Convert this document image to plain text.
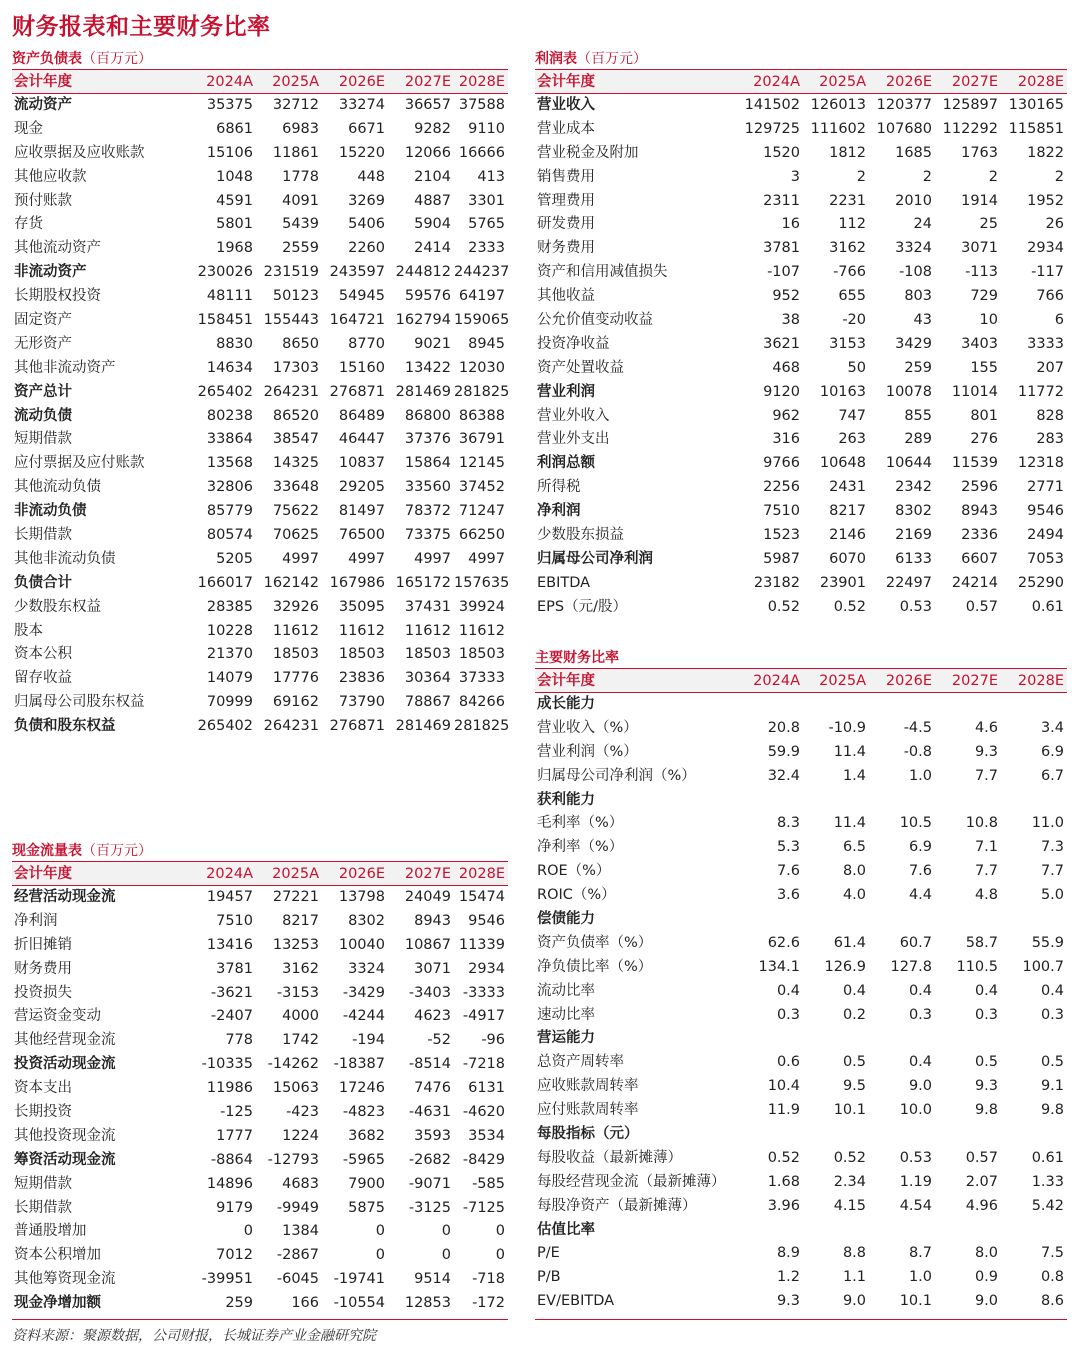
财务报表和主要财务比率
资产负债表（百万元）
会计年度	2024A	2025A	2026E	2027E 2028E
流动资产	35375	32712	33274	36657 37588
现金	6861	6983	6671	9282	9110
应收票据及应收账款	15106	11861	15220	12066 16666
其他应收款	1048	1778	448	2104	413
预付账款	4591	4091	3269	4887	3301
存货	5801	5439	5406	5904	5765
其他流动资产	1968	2559	2260	2414	2333
非流动资产	230026 231519 243597 244812 244237
长期股权投资	48111	50123	54945	59576 64197
固定资产	158451 155443 164721 162794 159065
无形资产	8830	8650	8770	9021	8945
其他非流动资产	14634	17303	15160	13422 12030
资产总计	265402 264231 276871 281469 281825
流动负债	80238	86520	86489	86800 86388
短期借款	33864	38547	46447	37376 36791
应付票据及应付账款	13568	14325	10837	15864 12145
其他流动负债	32806	33648	29205	33560 37452
非流动负债	85779	75622	81497	78372 71247
长期借款	80574	70625	76500	73375 66250
其他非流动负债	5205	4997	4997	4997	4997
负债合计	166017 162142 167986 165172 157635
少数股东权益	28385	32926	35095	37431 39924
股本	10228	11612	11612	11612 11612
资本公积	21370	18503	18503	18503 18503
留存收益	14079	17776	23836	30364 37333
归属母公司股东权益	70999	69162	73790	78867 84266
负债和股东权益	265402 264231 276871 281469 281825
利润表（百万元）
会计年度	2024A	2025A	2026E	2027E	2028E
营业收入	141502 126013 120377 125897 130165
营业成本	129725 111602 107680 112292 115851
营业税金及附加	1520	1812	1685	1763	1822
销售费用	3	2	2	2	2
管理费用	2311	2231	2010	1914	1952
研发费用	16	112	24	25	26
财务费用	3781	3162	3324	3071	2934
资产和信用减值损失	-107	-766	-108	-113	-117
其他收益	952	655	803	729	766
公允价值变动收益	38	-20	43	10	6
投资净收益	3621	3153	3429	3403	3333
资产处置收益	468	50	259	155	207
营业利润	9120	10163	10078	11014	11772
营业外收入	962	747	855	801	828
营业外支出	316	263	289	276	283
利润总额	9766	10648	10644	11539	12318
所得税	2256	2431	2342	2596	2771
净利润	7510	8217	8302	8943	9546
少数股东损益	1523	2146	2169	2336	2494
归属母公司净利润	5987	6070	6133	6607	7053
EBITDA	23182	23901	22497	24214	25290
EPS（元/股）	0.52	0.52	0.53	0.57	0.61
现金流量表（百万元）
会计年度	2024A	2025A	2026E	2027E 2028E
经营活动现金流	19457	27221	13798	24049 15474
净利润	7510	8217	8302	8943	9546
折旧摊销	13416	13253	10040	10867 11339
财务费用	3781	3162	3324	3071	2934
投资损失	-3621	-3153	-3429	-3403 -3333
营运资金变动	-2407	4000	-4244	4623 -4917
其他经营现金流	778	1742	-194	-52	-96
投资活动现金流	-10335	-14262	-18387	-8514 -7218
资本支出	11986	15063	17246	7476	6131
长期投资	-125	-423	-4823	-4631 -4620
其他投资现金流	1777	1224	3682	3593	3534
筹资活动现金流	-8864	-12793	-5965	-2682 -8429
短期借款	14896	4683	7900	-9071	-585
长期借款	9179	-9949	5875	-3125 -7125
普通股增加	0	1384	0	0	0
资本公积增加	7012	-2867	0	0	0
其他筹资现金流	-39951	-6045	-19741	9514	-718
现金净增加额	259	166	-10554	12853	-172
主要财务比率
会计年度	2024A	2025A	2026E	2027E	2028E
成长能力
营业收入（%）	20.8	-10.9	-4.5	4.6	3.4
营业利润（%）	59.9	11.4	-0.8	9.3	6.9
归属母公司净利润（%）	32.4	1.4	1.0	7.7	6.7
获利能力
毛利率（%）	8.3	11.4	10.5	10.8	11.0
净利率（%）	5.3	6.5	6.9	7.1	7.3
ROE（%）	7.6	8.0	7.6	7.7	7.7
ROIC（%）	3.6	4.0	4.4	4.8	5.0
偿债能力
资产负债率（%）	62.6	61.4	60.7	58.7	55.9
净负债比率（%）	134.1	126.9	127.8	110.5	100.7
流动比率	0.4	0.4	0.4	0.4	0.4
速动比率	0.3	0.2	0.3	0.3	0.3
营运能力
总资产周转率	0.6	0.5	0.4	0.5	0.5
应收账款周转率	10.4	9.5	9.0	9.3	9.1
应付账款周转率	11.9	10.1	10.0	9.8	9.8
每股指标（元）
每股收益（最新摊薄）	0.52	0.52	0.53	0.57	0.61
每股经营现金流（最新摊薄）	1.68	2.34	1.19	2.07	1.33
每股净资产（最新摊薄）	3.96	4.15	4.54	4.96	5.42
估值比率
P/E	8.9	8.8	8.7	8.0	7.5
P/B	1.2	1.1	1.0	0.9	0.8
EV/EBITDA	9.3	9.0	10.1	9.0	8.6
资料来源：聚源数据，公司财报，长城证券产业金融研究院
